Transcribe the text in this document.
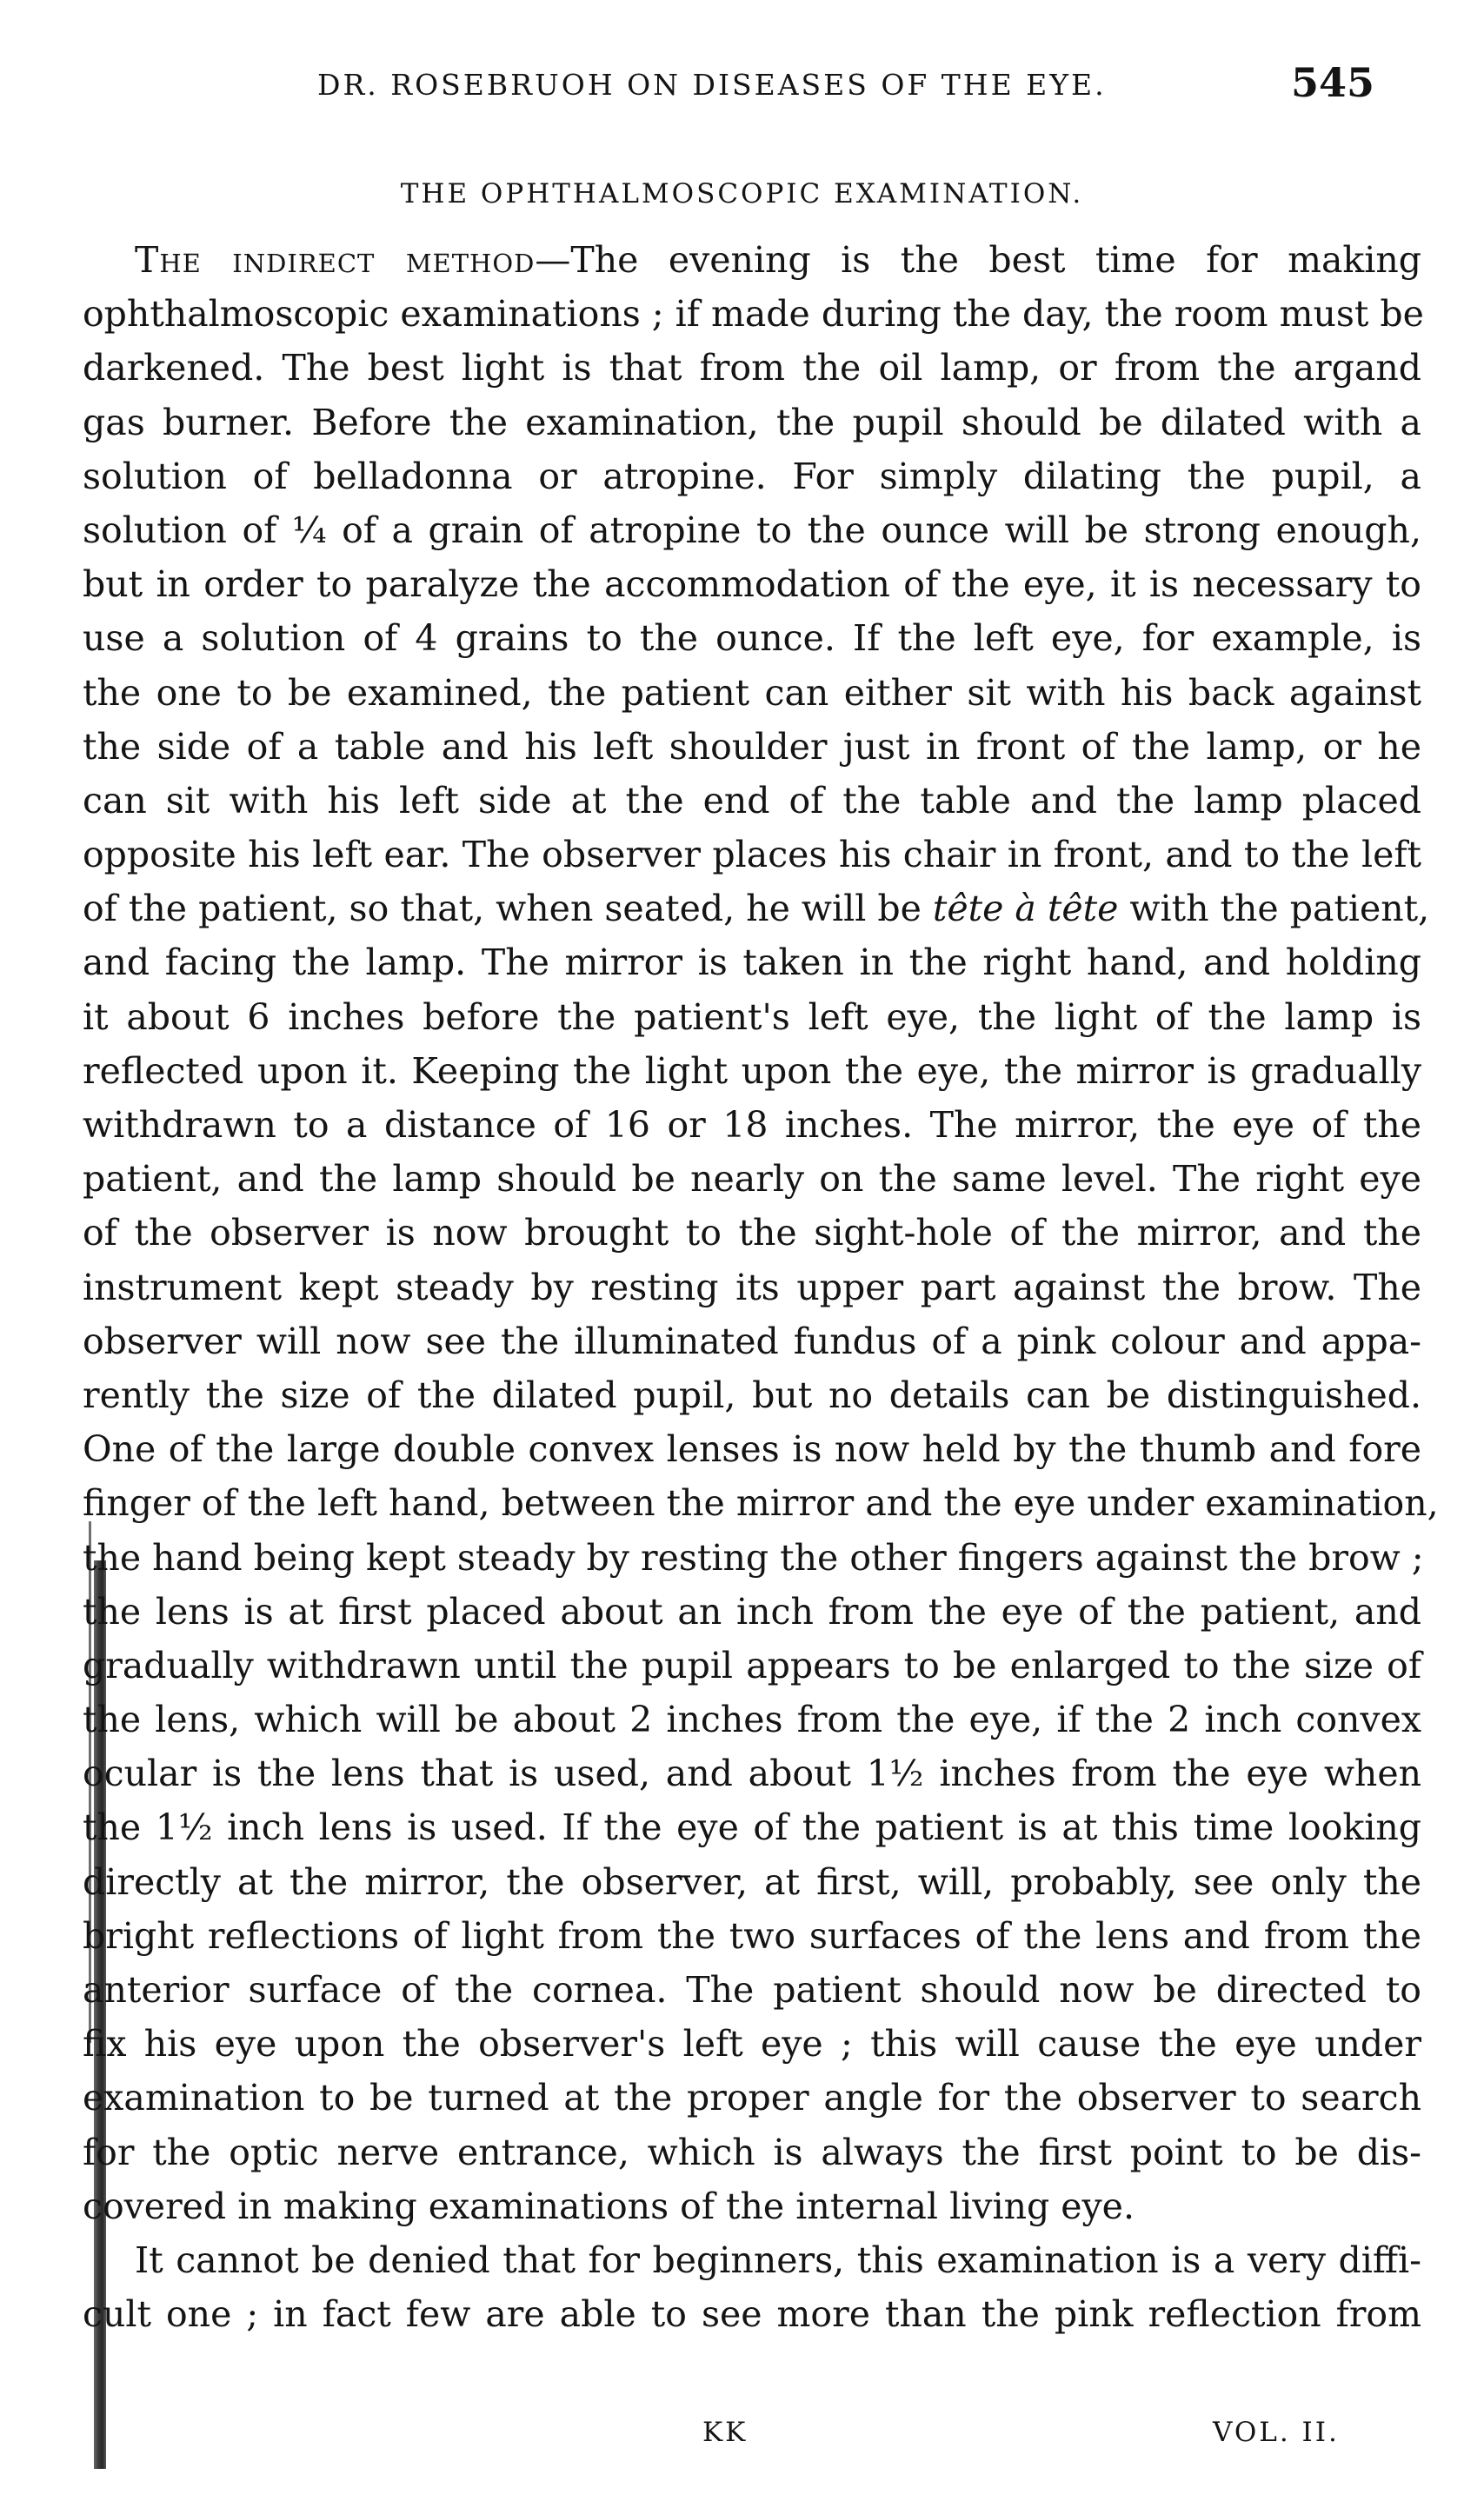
DR. ROSEBRUOH ON DISEASES OF THE EYE.	545
THE OPHTHALMOSCOPIC EXAMINATION.
The indirect method—The evening is the best time for making
ophthalmoscopic examinations ; if made during the day, the room must be
darkened. The best light is that from the oil lamp, or from the argand
gas burner. Before the examination, the pupil should be dilated with a
solution of belladonna or atropine. For simply dilating the pupil, a
solution of ¼ of a grain of atropine to the ounce will be strong enough,
but in order to paralyze the accommodation of the eye, it is necessary to
use a solution of 4 grains to the ounce. If the left eye, for example, is
the one to be examined, the patient can either sit with his back against
the side of a table and his left shoulder just in front of the lamp, or he
can sit with his left side at the end of the table and the lamp placed
opposite his left ear. The observer places his chair in front, and to the left
of the patient, so that, when seated, he will be tête à tête with the patient,
and facing the lamp. The mirror is taken in the right hand, and holding
it about 6 inches before the patient's left eye, the light of the lamp is
reflected upon it. Keeping the light upon the eye, the mirror is gradually
withdrawn to a distance of 16 or 18 inches. The mirror, the eye of the
patient, and the lamp should be nearly on the same level. The right eye
of the observer is now brought to the sight-hole of the mirror, and the
instrument kept steady by resting its upper part against the brow. The
observer will now see the illuminated fundus of a pink colour and appa-
rently the size of the dilated pupil, but no details can be distinguished.
One of the large double convex lenses is now held by the thumb and fore
finger of the left hand, between the mirror and the eye under examination,
the hand being kept steady by resting the other fingers against the brow ;
the lens is at first placed about an inch from the eye of the patient, and
gradually withdrawn until the pupil appears to be enlarged to the size of
the lens, which will be about 2 inches from the eye, if the 2 inch convex
ocular is the lens that is used, and about 1½ inches from the eye when
the 1½ inch lens is used. If the eye of the patient is at this time looking
directly at the mirror, the observer, at first, will, probably, see only the
bright reflections of light from the two surfaces of the lens and from the
anterior surface of the cornea. The patient should now be directed to
fix his eye upon the observer's left eye ; this will cause the eye under
examination to be turned at the proper angle for the observer to search
for the optic nerve entrance, which is always the first point to be dis-
covered in making examinations of the internal living eye.
It cannot be denied that for beginners, this examination is a very diffi-
cult one ; in fact few are able to see more than the pink reflection from
KK	VOL. II.
